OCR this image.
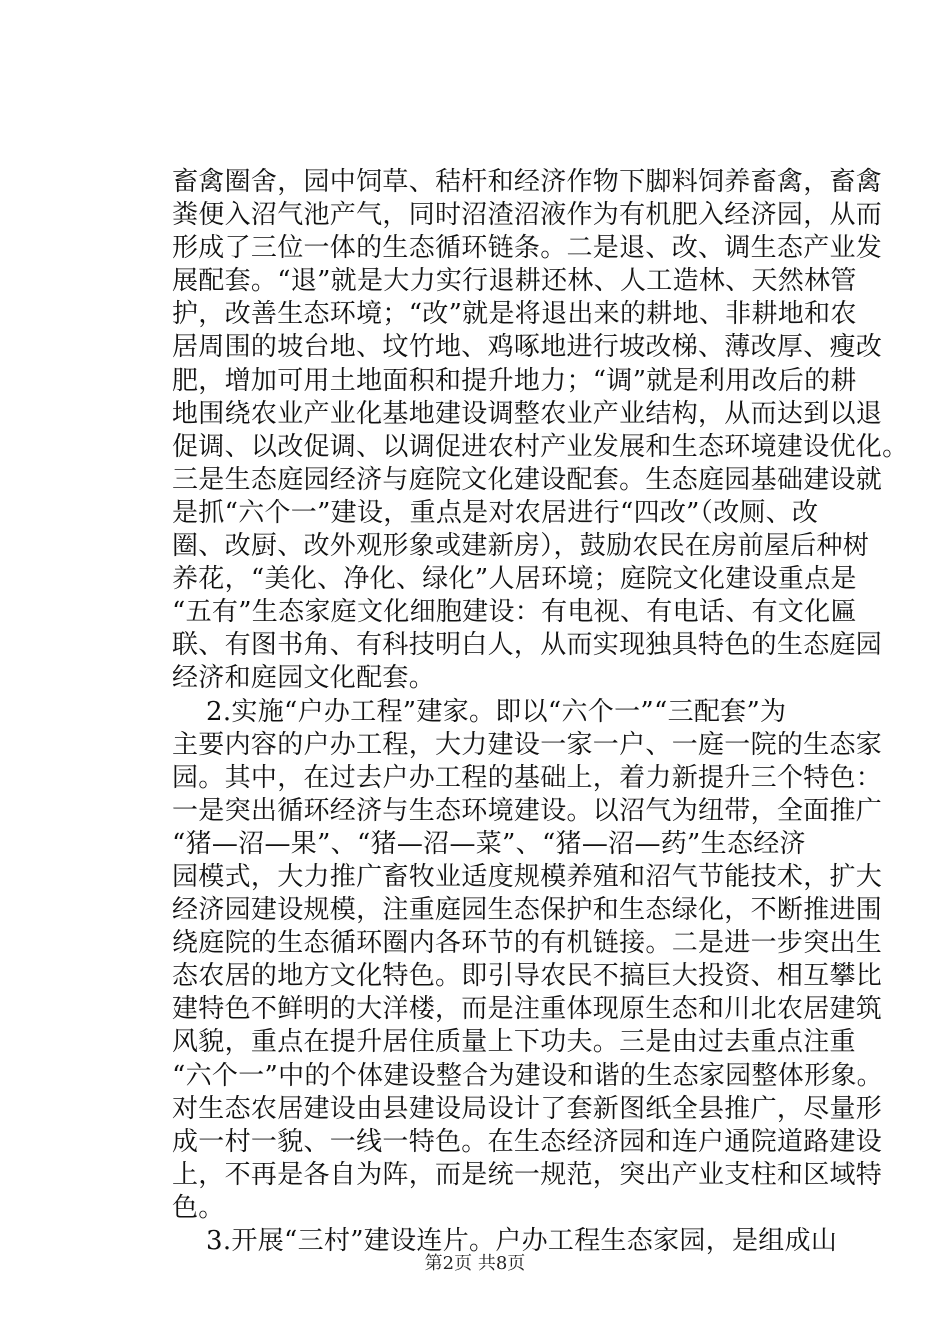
畜禽圈舍，园中饲草、秸杆和经济作物下脚料饲养畜禽，畜禽
粪便入沼气池产气，同时沼渣沼液作为有机肥入经济园，从而
形成了三位一体的生态循环链条。二是退、改、调生态产业发
展配套。“退”就是大力实行退耕还林、人工造林、天然林管
护，改善生态环境；“改”就是将退出来的耕地、非耕地和农
居周围的坡台地、坟竹地、鸡啄地进行坡改梯、薄改厚、瘦改
肥，增加可用土地面积和提升地力；“调”就是利用改后的耕
地围绕农业产业化基地建设调整农业产业结构，从而达到以退
促调、以改促调、以调促进农村产业发展和生态环境建设优化。
三是生态庭园经济与庭院文化建设配套。生态庭园基础建设就
是抓“六个一”建设，重点是对农居进行“四改”（改厕、改
圈、改厨、改外观形象或建新房），鼓励农民在房前屋后种树
养花，“美化、净化、绿化”人居环境；庭院文化建设重点是
“五有”生态家庭文化细胞建设：有电视、有电话、有文化匾
联、有图书角、有科技明白人，从而实现独具特色的生态庭园
经济和庭园文化配套。
2.实施“户办工程”建家。即以“六个一”“三配套”为
主要内容的户办工程，大力建设一家一户、一庭一院的生态家
园。其中，在过去户办工程的基础上，着力新提升三个特色：
一是突出循环经济与生态环境建设。以沼气为纽带，全面推广
“猪—沼—果”、“猪—沼—菜”、“猪—沼—药”生态经济
园模式，大力推广畜牧业适度规模养殖和沼气节能技术，扩大
经济园建设规模，注重庭园生态保护和生态绿化，不断推进围
绕庭院的生态循环圈内各环节的有机链接。二是进一步突出生
态农居的地方文化特色。即引导农民不搞巨大投资、相互攀比
建特色不鲜明的大洋楼，而是注重体现原生态和川北农居建筑
风貌，重点在提升居住质量上下功夫。三是由过去重点注重
“六个一”中的个体建设整合为建设和谐的生态家园整体形象。
对生态农居建设由县建设局设计了套新图纸全县推广，尽量形
成一村一貌、一线一特色。在生态经济园和连户通院道路建设
上，不再是各自为阵，而是统一规范，突出产业支柱和区域特
色。
3.开展“三村”建设连片。户办工程生态家园，是组成山
第2页 共8页
